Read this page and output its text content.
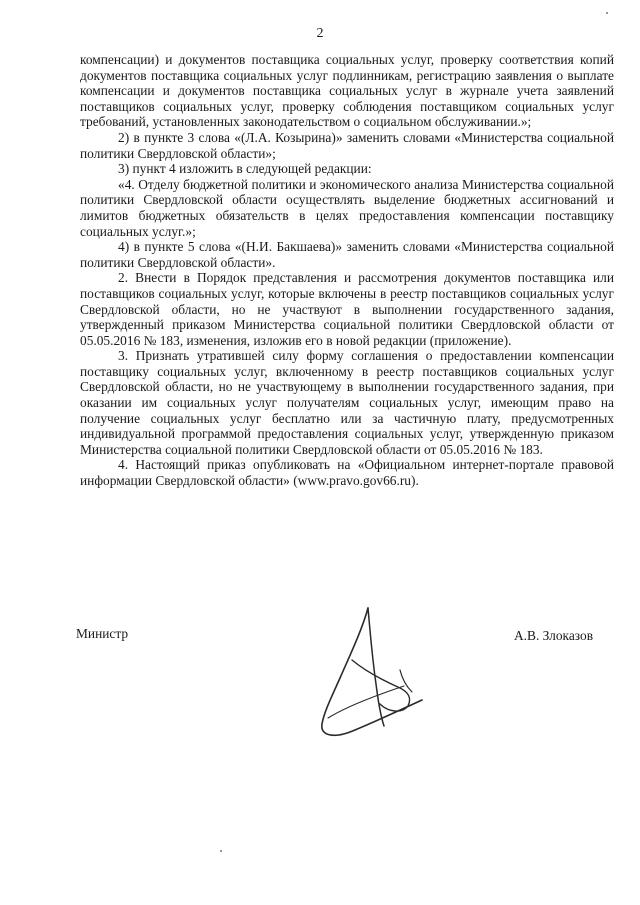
2

компенсации) и документов поставщика социальных услуг, проверку соответствия копий документов поставщика социальных услуг подлинникам, регистрацию заявления о выплате компенсации и документов поставщика социальных услуг в журнале учета заявлений поставщиков социальных услуг, проверку соблюдения поставщиком социальных услуг требований, установленных законодательством о социальном обслуживании.»;

2) в пункте 3 слова «(Л.А. Козырина)» заменить словами «Министерства социальной политики Свердловской области»;

3) пункт 4 изложить в следующей редакции:

«4. Отделу бюджетной политики и экономического анализа Министерства социальной политики Свердловской области осуществлять выделение бюджетных ассигнований и лимитов бюджетных обязательств в целях предоставления компенсации поставщику социальных услуг.»;

4) в пункте 5 слова «(Н.И. Бакшаева)» заменить словами «Министерства социальной политики Свердловской области».

2. Внести в Порядок представления и рассмотрения документов поставщика или поставщиков социальных услуг, которые включены в реестр поставщиков социальных услуг Свердловской области, но не участвуют в выполнении государственного задания, утвержденный приказом Министерства социальной политики Свердловской области от 05.05.2016 № 183, изменения, изложив его в новой редакции (приложение).

3. Признать утратившей силу форму соглашения о предоставлении компенсации поставщику социальных услуг, включенному в реестр поставщиков социальных услуг Свердловской области, но не участвующему в выполнении государственного задания, при оказании им социальных услуг получателям социальных услуг, имеющим право на получение социальных услуг бесплатно или за частичную плату, предусмотренных индивидуальной программой предоставления социальных услуг, утвержденную приказом Министерства социальной политики Свердловской области от 05.05.2016 № 183.

4. Настоящий приказ опубликовать на «Официальном интернет-портале правовой информации Свердловской области» (www.pravo.gov66.ru).

Министр	А.В. Злоказов
